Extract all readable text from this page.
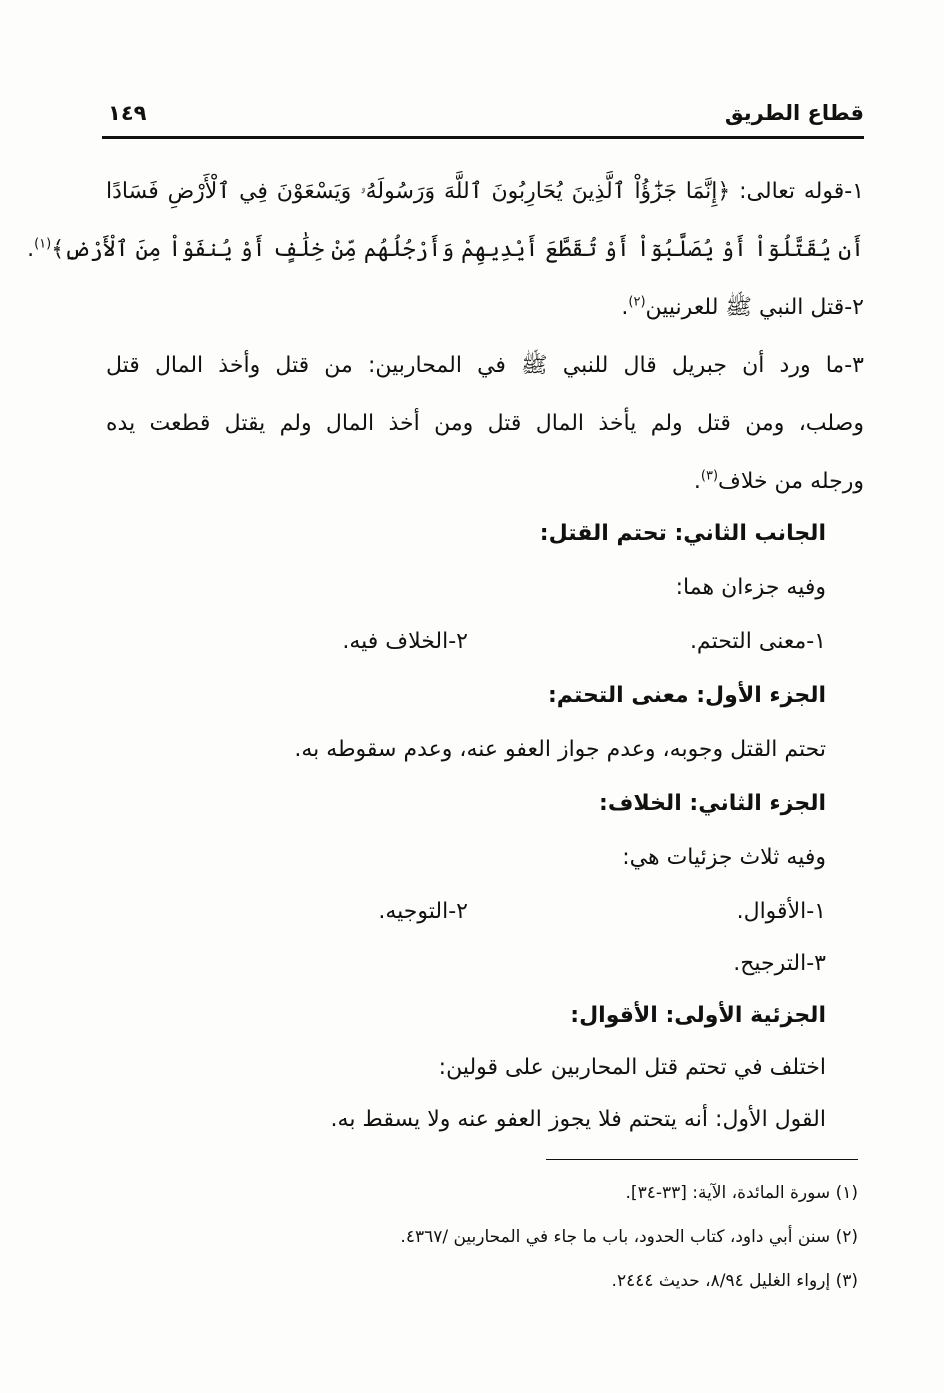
قطاع الطريق
١٤٩
١-قوله تعالى: ﴿إِنَّمَا جَزَٰٓؤُاْ ٱلَّذِينَ يُحَارِبُونَ ٱللَّهَ وَرَسُولَهُۥ وَيَسْعَوْنَ فِي ٱلْأَرْضِ فَسَادًا
أَن يُقَتَّلُوٓاْ أَوْ يُصَلَّبُوٓاْ أَوْ تُقَطَّعَ أَيْدِيهِمْ وَأَرْجُلُهُم مِّنْ خِلَٰفٍ أَوْ يُنفَوْاْ مِنَ ٱلْأَرْضِ﴾$^{(١)}$.
٢-قتل النبي ﷺ للعرنيين$^{(٢)}$.
٣-ما ورد أن جبريل قال للنبي ﷺ في المحاربين: من قتل وأخذ المال قتل
وصلب، ومن قتل ولم يأخذ المال قتل ومن أخذ المال ولم يقتل قطعت يده
ورجله من خلاف$^{(٣)}$.
الجانب الثاني: تحتم القتل:
وفيه جزءان هما:
١-معنى التحتم.
٢-الخلاف فيه.
الجزء الأول: معنى التحتم:
تحتم القتل وجوبه، وعدم جواز العفو عنه، وعدم سقوطه به.
الجزء الثاني: الخلاف:
وفيه ثلاث جزئيات هي:
١-الأقوال.
٢-التوجيه.
٣-الترجيح.
الجزئية الأولى: الأقوال:
اختلف في تحتم قتل المحاربين على قولين:
القول الأول: أنه يتحتم فلا يجوز العفو عنه ولا يسقط به.
(١) سورة المائدة، الآية: [٣٣-٣٤].
(٢) سنن أبي داود، كتاب الحدود، باب ما جاء في المحاربين /٤٣٦٧.
(٣) إرواء الغليل ٨/٩٤، حديث ٢٤٤٤.
